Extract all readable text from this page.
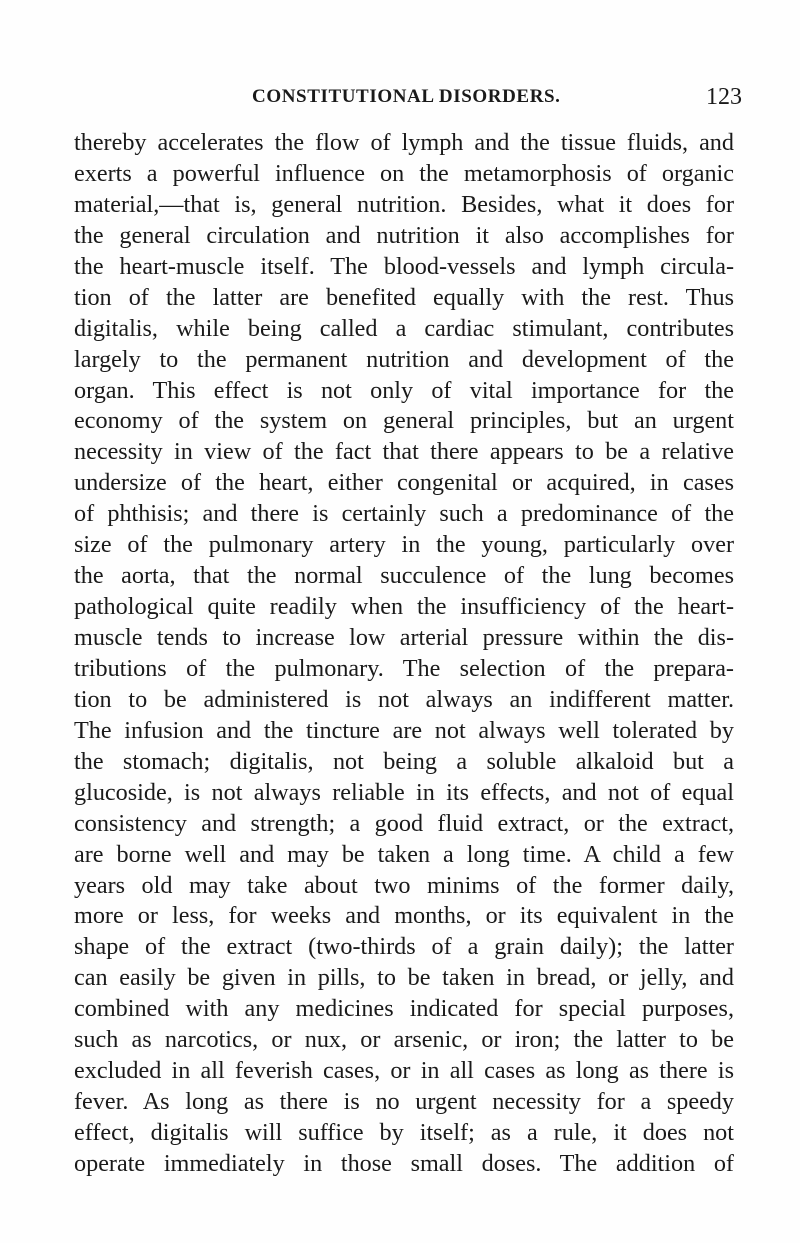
CONSTITUTIONAL DISORDERS.	123
thereby accelerates the flow of lymph and the tissue fluids, and
exerts a powerful influence on the metamorphosis of organic
material,—that is, general nutrition. Besides, what it does for
the general circulation and nutrition it also accomplishes for
the heart-muscle itself. The blood-vessels and lymph circula-
tion of the latter are benefited equally with the rest. Thus
digitalis, while being called a cardiac stimulant, contributes
largely to the permanent nutrition and development of the
organ. This effect is not only of vital importance for the
economy of the system on general principles, but an urgent
necessity in view of the fact that there appears to be a relative
undersize of the heart, either congenital or acquired, in cases
of phthisis; and there is certainly such a predominance of the
size of the pulmonary artery in the young, particularly over
the aorta, that the normal succulence of the lung becomes
pathological quite readily when the insufficiency of the heart-
muscle tends to increase low arterial pressure within the dis-
tributions of the pulmonary. The selection of the prepara-
tion to be administered is not always an indifferent matter.
The infusion and the tincture are not always well tolerated by
the stomach; digitalis, not being a soluble alkaloid but a
glucoside, is not always reliable in its effects, and not of equal
consistency and strength; a good fluid extract, or the extract,
are borne well and may be taken a long time. A child a few
years old may take about two minims of the former daily,
more or less, for weeks and months, or its equivalent in the
shape of the extract (two-thirds of a grain daily); the latter
can easily be given in pills, to be taken in bread, or jelly, and
combined with any medicines indicated for special purposes,
such as narcotics, or nux, or arsenic, or iron; the latter to be
excluded in all feverish cases, or in all cases as long as there is
fever. As long as there is no urgent necessity for a speedy
effect, digitalis will suffice by itself; as a rule, it does not
operate immediately in those small doses. The addition of
